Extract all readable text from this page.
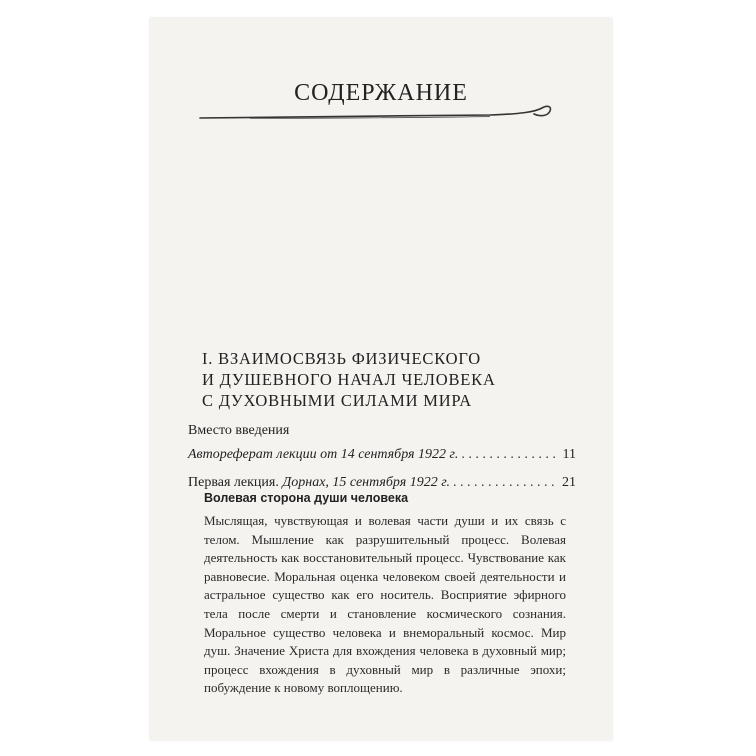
СОДЕРЖАНИЕ
I. ВЗАИМОСВЯЗЬ ФИЗИЧЕСКОГО
И ДУШЕВНОГО НАЧАЛ ЧЕЛОВЕКА
С ДУХОВНЫМИ СИЛАМИ МИРА
Вместо введения
Автореферат лекции от 14 сентября 1922 г. . . .	11
Первая лекция.
Дорнах, 15 сентября 1922 г. . . .	21
Волевая сторона души человека

Мыслящая, чувствующая и волевая части души и их связь с телом. Мышление как разрушительный процесс. Волевая деятельность как восстановительный процесс. Чувствование как равновесие. Моральная оценка человеком своей деятельности и астральное существо как его носитель. Восприятие эфирного тела после смерти и становление космического сознания. Моральное существо человека и внеморальный космос. Мир душ. Значение Христа для вхождения человека в духовный мир; процесс вхождения в духовный мир в различные эпохи; побуждение к новому воплощению.
